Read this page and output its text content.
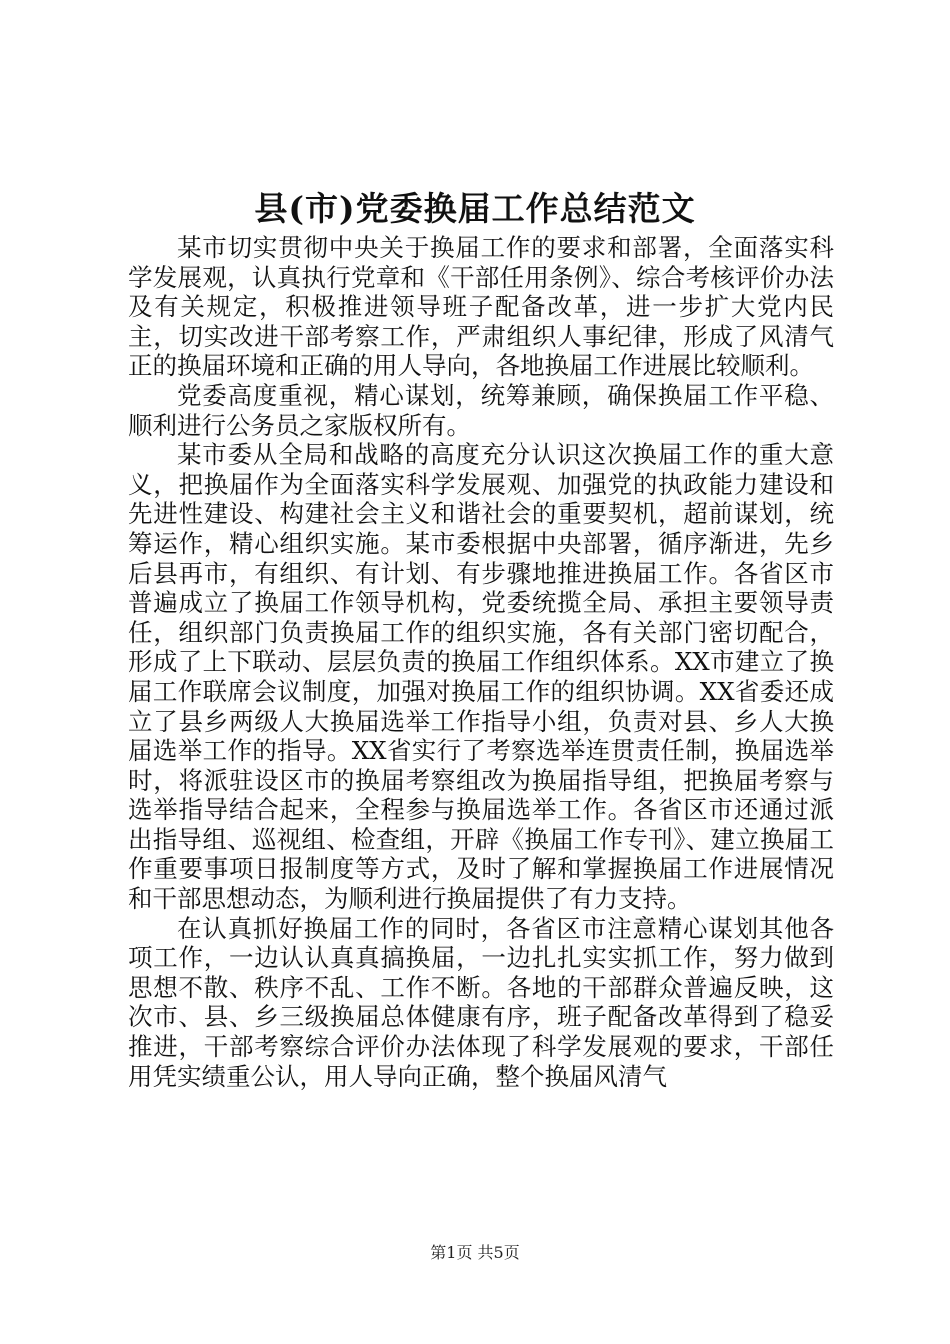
县(市)党委换届工作总结范文

某市切实贯彻中央关于换届工作的要求和部署，全面落实科学发展观，认真执行党章和《干部任用条例》、综合考核评价办法及有关规定，积极推进领导班子配备改革，进一步扩大党内民主，切实改进干部考察工作，严肃组织人事纪律，形成了风清气正的换届环境和正确的用人导向，各地换届工作进展比较顺利。

党委高度重视，精心谋划，统筹兼顾，确保换届工作平稳、顺利进行公务员之家版权所有。

某市委从全局和战略的高度充分认识这次换届工作的重大意义，把换届作为全面落实科学发展观、加强党的执政能力建设和先进性建设、构建社会主义和谐社会的重要契机，超前谋划，统筹运作，精心组织实施。某市委根据中央部署，循序渐进，先乡后县再市，有组织、有计划、有步骤地推进换届工作。各省区市普遍成立了换届工作领导机构，党委统揽全局、承担主要领导责任，组织部门负责换届工作的组织实施，各有关部门密切配合，形成了上下联动、层层负责的换届工作组织体系。XX市建立了换届工作联席会议制度，加强对换届工作的组织协调。XX省委还成立了县乡两级人大换届选举工作指导小组，负责对县、乡人大换届选举工作的指导。XX省实行了考察选举连贯责任制，换届选举时，将派驻设区市的换届考察组改为换届指导组，把换届考察与选举指导结合起来，全程参与换届选举工作。各省区市还通过派出指导组、巡视组、检查组，开辟《换届工作专刊》、建立换届工作重要事项日报制度等方式，及时了解和掌握换届工作进展情况和干部思想动态，为顺利进行换届提供了有力支持。

在认真抓好换届工作的同时，各省区市注意精心谋划其他各项工作，一边认认真真搞换届，一边扎扎实实抓工作，努力做到思想不散、秩序不乱、工作不断。各地的干部群众普遍反映，这次市、县、乡三级换届总体健康有序，班子配备改革得到了稳妥推进，干部考察综合评价办法体现了科学发展观的要求，干部任用凭实绩重公认，用人导向正确，整个换届风清气

第1页 共5页
